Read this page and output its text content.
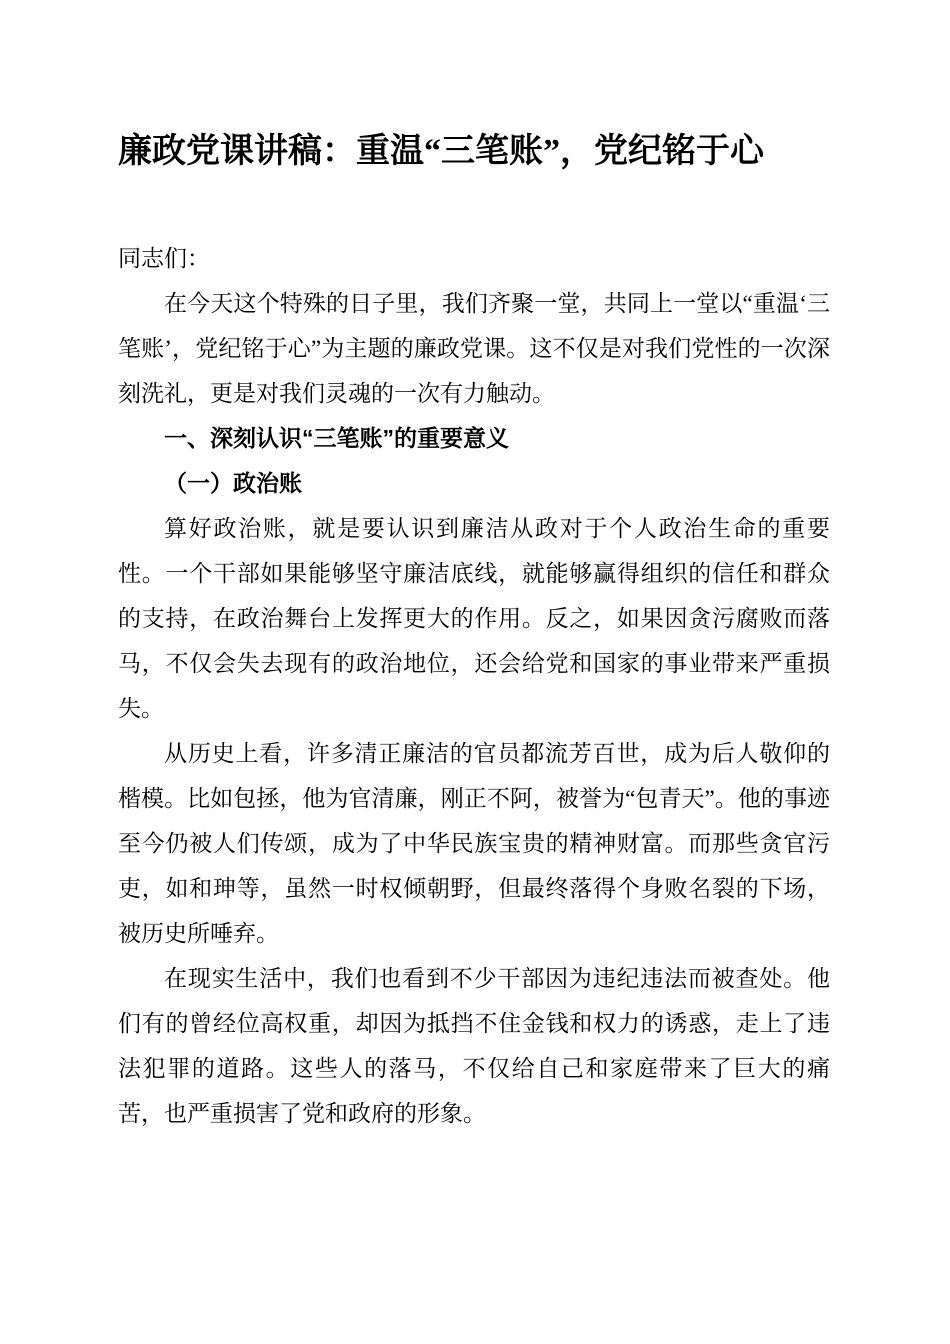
廉政党课讲稿：重温“三笔账”，党纪铭于心

同志们：

在今天这个特殊的日子里，我们齐聚一堂，共同上一堂以“重温‘三笔账’，党纪铭于心”为主题的廉政党课。这不仅是对我们党性的一次深刻洗礼，更是对我们灵魂的一次有力触动。

一、深刻认识“三笔账”的重要意义

（一）政治账

算好政治账，就是要认识到廉洁从政对于个人政治生命的重要性。一个干部如果能够坚守廉洁底线，就能够赢得组织的信任和群众的支持，在政治舞台上发挥更大的作用。反之，如果因贪污腐败而落马，不仅会失去现有的政治地位，还会给党和国家的事业带来严重损失。

从历史上看，许多清正廉洁的官员都流芳百世，成为后人敬仰的楷模。比如包拯，他为官清廉，刚正不阿，被誉为“包青天”。他的事迹至今仍被人们传颂，成为了中华民族宝贵的精神财富。而那些贪官污吏，如和珅等，虽然一时权倾朝野，但最终落得个身败名裂的下场，被历史所唾弃。

在现实生活中，我们也看到不少干部因为违纪违法而被查处。他们有的曾经位高权重，却因为抵挡不住金钱和权力的诱惑，走上了违法犯罪的道路。这些人的落马，不仅给自己和家庭带来了巨大的痛苦，也严重损害了党和政府的形象。
